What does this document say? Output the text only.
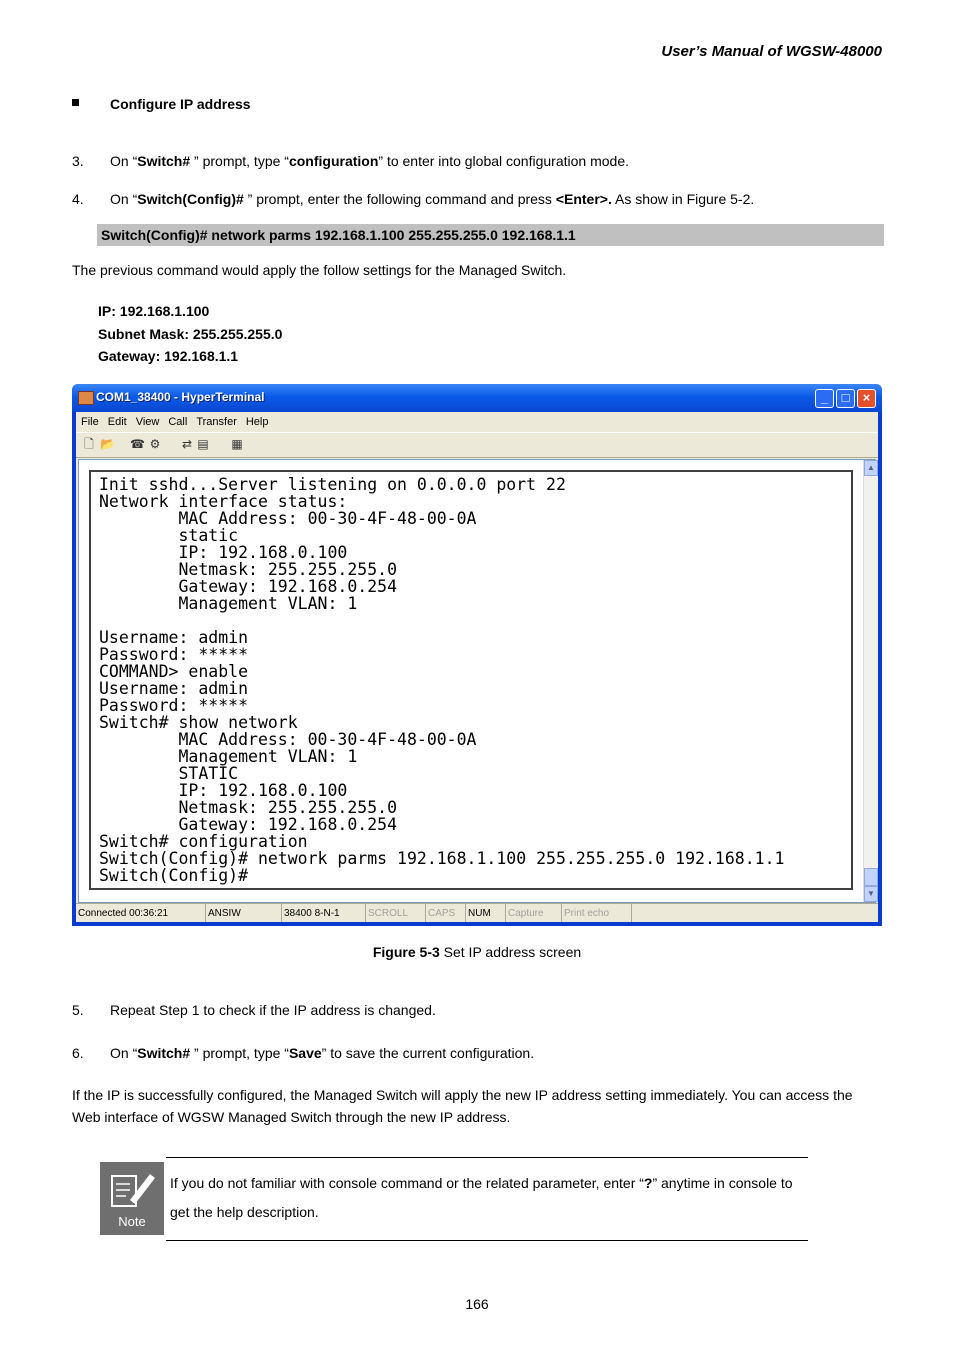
User’s Manual of WGSW-48000
Configure IP address
3. On “Switch# ” prompt, type “configuration” to enter into global configuration mode.
4. On “Switch(Config)# ” prompt, enter the following command and press <Enter>. As show in Figure 5-2.
Switch(Config)# network parms 192.168.1.100 255.255.255.0 192.168.1.1
The previous command would apply the follow settings for the Managed Switch.
IP: 192.168.1.100
Subnet Mask: 255.255.255.0
Gateway: 192.168.1.1
COM1_38400 - HyperTerminal	_	□	×
File Edit View Call Transfer Help
🗋 📂 ☎ ⚙ ⇄ ▤ ▦
Init sshd...Server listening on 0.0.0.0 port 22
Network interface status:
MAC Address: 00-30-4F-48-00-0A
static
IP: 192.168.0.100
Netmask: 255.255.255.0
Gateway: 192.168.0.254
Management VLAN: 1

Username: admin
Password: *****
COMMAND> enable
Username: admin
Password: *****
Switch# show network
MAC Address: 00-30-4F-48-00-0A
Management VLAN: 1
STATIC
IP: 192.168.0.100
Netmask: 255.255.255.0
Gateway: 192.168.0.254
Switch# configuration
Switch(Config)# network parms 192.168.1.100 255.255.255.0 192.168.1.1
Switch(Config)#
▲
▼
Connected 00:36:21	ANSIW	38400 8-N-1	SCROLL	CAPS	NUM	Capture	Print echo
Figure 5-3 Set IP address screen
5. Repeat Step 1 to check if the IP address is changed.
6. On “Switch# ” prompt, type “Save” to save the current configuration.
If the IP is successfully configured, the Managed Switch will apply the new IP address setting immediately. You can access the
Web interface of WGSW Managed Switch through the new IP address.
Note
If you do not familiar with console command or the related parameter, enter “?” anytime in console to
get the help description.
166
